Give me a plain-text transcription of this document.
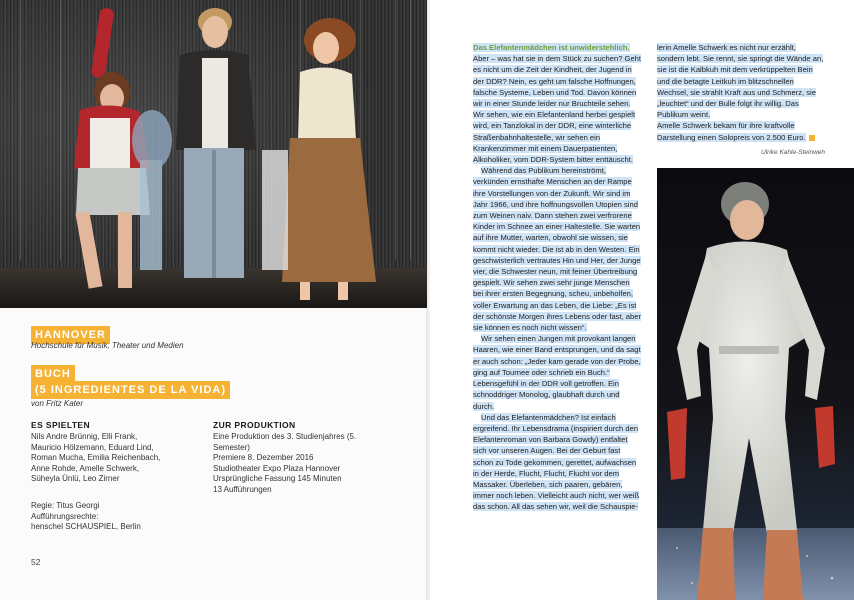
HANNOVER
Hochschule für Musik, Theater und Medien
BUCH
(5 INGREDIENTES DE LA VIDA)
von Fritz Kater
ES SPIELTEN
Nils Andre Brünnig, Elli Frank,
Mauricio Hölzemann, Eduard Lind,
Roman Mucha, Emilia Reichenbach,
Anne Rohde, Amelle Schwerk,
Süheyla Ünlü, Leo Zirner
Regie: Titus Georgi
Aufführungsrechte:
henschel SCHAUSPIEL, Berlin
ZUR PRODUKTION
Eine Produktion des 3. Studienjahres (5.
Semester)
Premiere 8. Dezember 2016
Studiotheater Expo Plaza Hannover
Ursprüngliche Fassung 145 Minuten
13 Aufführungen
52

Das Elefantenmädchen ist unwiderstehlich. Aber – was hat sie in dem Stück zu suchen? Geht es nicht um die Zeit der Kindheit, der Jugend in der DDR? Nein, es geht um falsche Hoffnungen, falsche Systeme, Leben und Tod. Davon können wir in einer Stunde leider nur Bruchteile sehen. Wir sehen, wie ein Elefantenland herbei gespielt wird, ein Tanzlokal in der DDR, eine winterliche Straßenbahnhaltestelle, wir sehen ein Krankenzimmer mit einem Dauerpatienten, Alkoholiker, vom DDR-System bitter enttäuscht.

Während das Publikum hereinströmt, verkünden ernsthafte Menschen an der Rampe ihre Vorstellungen von der Zukunft. Wir sind im Jahr 1966, und ihre hoffnungsvollen Utopien sind zum Weinen naiv. Dann stehen zwei verfrorene Kinder im Schnee an einer Haltestelle. Sie warten auf ihre Mutter, warten, obwohl sie wissen, sie kommt nicht wieder. Die ist ab in den Westen. Ein geschwisterlich vertrautes Hin und Her, der Junge vier, die Schwester neun, mit feiner Übertreibung gespielt. Wir sehen zwei sehr junge Menschen bei ihrer ersten Begegnung, scheu, unbeholfen, voller Erwartung an das Leben, die Liebe: „Es ist der schönste Morgen ihres Lebens oder fast, aber sie können es noch nicht wissen“.

Wir sehen einen Jungen mit provokant langen Haaren, wie einer Band entsprungen, und da sagt er auch schon: „Jeder kam gerade von der Probe, ging auf Tournee oder schrieb ein Buch.“ Lebensgefühl in der DDR voll getroffen. Ein schnoddriger Monolog, glaubhaft durch und durch.

Und das Elefantenmädchen? Ist einfach ergreifend. Ihr Lebensdrama (inspiriert durch den Elefantenroman von Barbara Gowdy) entfaltet sich vor unseren Augen. Bei der Geburt fast schon zu Tode gekommen, gerettet, aufwachsen in der Herde, Flucht, Flucht, Flucht vor dem Massaker. Überleben, sich paaren, gebären, immer noch leben. Vielleicht auch nicht, wer weiß das schon. All das sehen wir, weil die Schauspie-

lerin Amelle Schwerk es nicht nur erzählt, sondern lebt. Sie rennt, sie springt die Wände an, sie ist die Kalbkuh mit dem verkrüppelten Bein und die betagte Leitkuh im blitzschnellen Wechsel, sie strahlt Kraft aus und Schmerz, sie „leuchtet“ und der Bulle folgt ihr willig. Das Publikum weint.

Amelle Schwerk bekam für ihre kraftvolle Darstellung einen Solopreis von 2.500 Euro.

Ulrike Kahle-Steinweh
